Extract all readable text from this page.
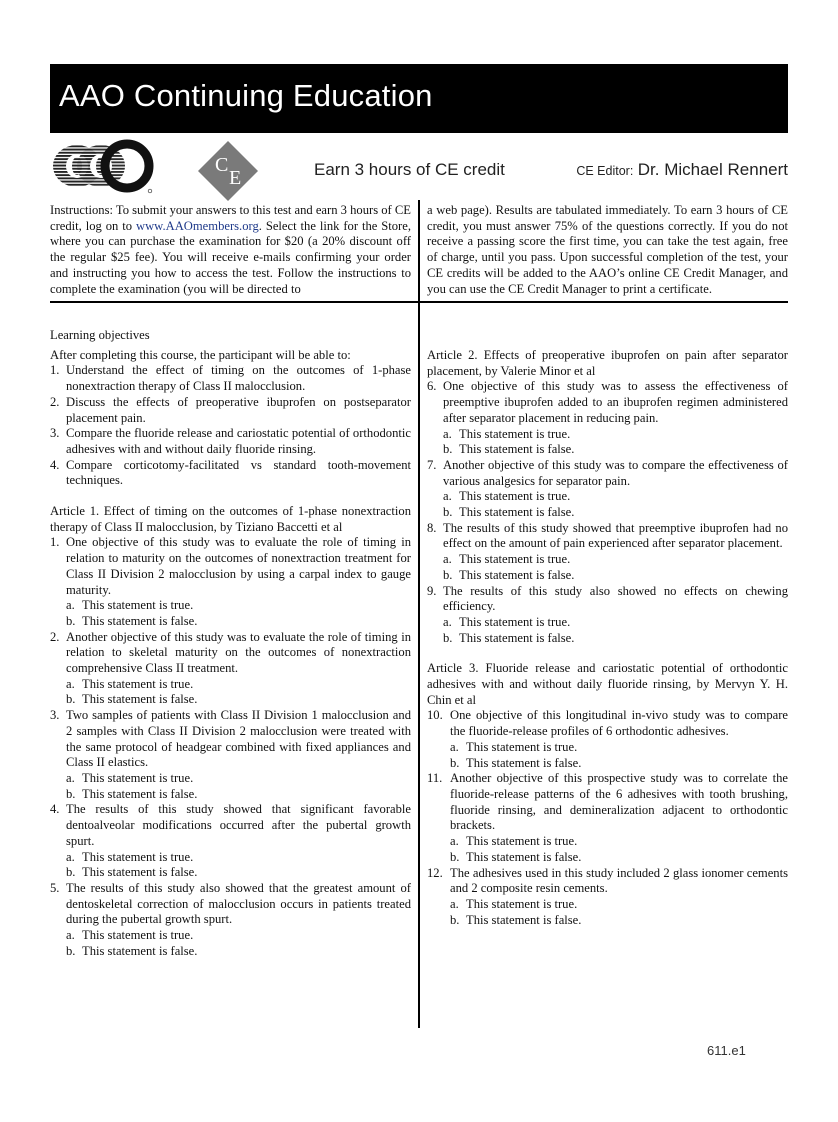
AAO Continuing Education
C
E	Earn 3 hours of CE credit	CE Editor: Dr. Michael Rennert
Instructions: To submit your answers to this test and earn 3 hours of CE credit, log on to www.AAOmembers.org. Select the link for the Store, where you can purchase the examination for $20 (a 20% discount off the regular $25 fee). You will receive e-mails confirming your order and instructing you how to access the test. Follow the instructions to complete the examination (you will be directed to
a web page). Results are tabulated immediately. To earn 3 hours of CE credit, you must answer 75% of the questions correctly. If you do not receive a passing score the first time, you can take the test again, free of charge, until you pass. Upon successful completion of the test, your CE credits will be added to the AAO’s online CE Credit Manager, and you can use the CE Credit Manager to print a certificate.

Learning objectives

After completing this course, the participant will be able to:
1. Understand the effect of timing on the outcomes of 1-phase nonextraction therapy of Class II malocclusion.
2. Discuss the effects of preoperative ibuprofen on postseparator placement pain.
3. Compare the fluoride release and cariostatic potential of orthodontic adhesives with and without daily fluoride rinsing.
4. Compare corticotomy-facilitated vs standard tooth-movement techniques.

Article 1. Effect of timing on the outcomes of 1-phase nonextraction therapy of Class II malocclusion, by Tiziano Baccetti et al

1. One objective of this study was to evaluate the role of timing in relation to maturity on the outcomes of nonextraction treatment for Class II Division 2 malocclusion by using a carpal index to gauge maturity.
a. This statement is true.
b. This statement is false.
2. Another objective of this study was to evaluate the role of timing in relation to skeletal maturity on the outcomes of nonextraction comprehensive Class II treatment.
a. This statement is true.
b. This statement is false.
3. Two samples of patients with Class II Division 1 malocclusion and 2 samples with Class II Division 2 malocclusion were treated with the same protocol of headgear combined with fixed appliances and Class II elastics.
a. This statement is true.
b. This statement is false.
4. The results of this study showed that significant favorable dentoalveolar modifications occurred after the pubertal growth spurt.
a. This statement is true.
b. This statement is false.
5. The results of this study also showed that the greatest amount of dentoskeletal correction of malocclusion occurs in patients treated during the pubertal growth spurt.
a. This statement is true.
b. This statement is false.

Article 2. Effects of preoperative ibuprofen on pain after separator placement, by Valerie Minor et al

6. One objective of this study was to assess the effectiveness of preemptive ibuprofen added to an ibuprofen regimen administered after separator placement in reducing pain.
a. This statement is true.
b. This statement is false.
7. Another objective of this study was to compare the effectiveness of various analgesics for separator pain.
a. This statement is true.
b. This statement is false.
8. The results of this study showed that preemptive ibuprofen had no effect on the amount of pain experienced after separator placement.
a. This statement is true.
b. This statement is false.
9. The results of this study also showed no effects on chewing efficiency.
a. This statement is true.
b. This statement is false.

Article 3. Fluoride release and cariostatic potential of orthodontic adhesives with and without daily fluoride rinsing, by Mervyn Y. H. Chin et al

10. One objective of this longitudinal in-vivo study was to compare the fluoride-release profiles of 6 orthodontic adhesives.
a. This statement is true.
b. This statement is false.
11. Another objective of this prospective study was to correlate the fluoride-release patterns of the 6 adhesives with tooth brushing, fluoride rinsing, and demineralization adjacent to orthodontic brackets.
a. This statement is true.
b. This statement is false.
12. The adhesives used in this study included 2 glass ionomer cements and 2 composite resin cements.
a. This statement is true.
b. This statement is false.
611.e1
